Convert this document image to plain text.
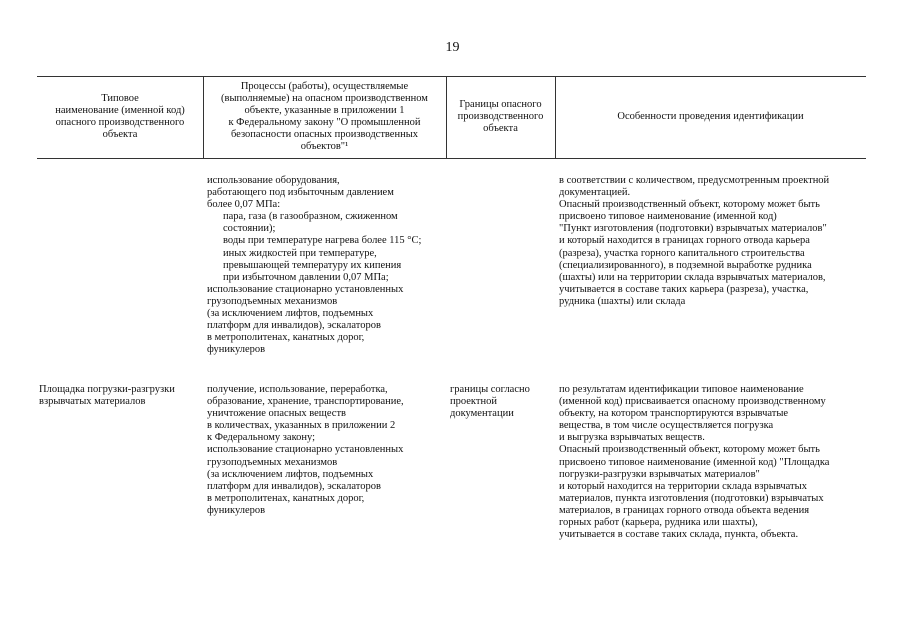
19
Типовое
наименование (именной код)
опасного производственного
объекта
Процессы (работы), осуществляемые
(выполняемые) на опасном производственном
объекте, указанные в приложении 1
к Федеральному закону "О промышленной
безопасности опасных производственных
объектов"¹
Границы опасного
производственного
объекта
Особенности проведения идентификации
использование оборудования,
работающего под избыточным давлением
более 0,07 МПа:
пара, газа (в газообразном, сжиженном
состоянии);
воды при температуре нагрева более 115 °С;
иных жидкостей при температуре,
превышающей температуру их кипения
при избыточном давлении 0,07 МПа;
использование стационарно установленных
грузоподъемных механизмов
(за исключением лифтов, подъемных
платформ для инвалидов), эскалаторов
в метрополитенах, канатных дорог,
фуникулеров
в соответствии с количеством, предусмотренным проектной
документацией.
Опасный производственный объект, которому может быть
присвоено типовое наименование (именной код)
"Пункт изготовления (подготовки) взрывчатых материалов"
и который находится в границах горного отвода карьера
(разреза), участка горного капитального строительства
(специализированного), в подземной выработке рудника
(шахты) или на территории склада взрывчатых материалов,
учитывается в составе таких карьера (разреза), участка,
рудника (шахты) или склада
Площадка погрузки-разгрузки
взрывчатых материалов
получение, использование, переработка,
образование, хранение, транспортирование,
уничтожение опасных веществ
в количествах, указанных в приложении 2
к Федеральному закону;
использование стационарно установленных
грузоподъемных механизмов
(за исключением лифтов, подъемных
платформ для инвалидов), эскалаторов
в метрополитенах, канатных дорог,
фуникулеров
границы согласно
проектной
документации
по результатам идентификации типовое наименование
(именной код) присваивается опасному производственному
объекту, на котором транспортируются взрывчатые
вещества, в том числе осуществляется погрузка
и выгрузка взрывчатых веществ.
Опасный производственный объект, которому может быть
присвоено типовое наименование (именной код) "Площадка
погрузки-разгрузки взрывчатых материалов"
и который находится на территории склада взрывчатых
материалов, пункта изготовления (подготовки) взрывчатых
материалов, в границах горного отвода объекта ведения
горных работ (карьера, рудника или шахты),
учитывается в составе таких склада, пункта, объекта.
